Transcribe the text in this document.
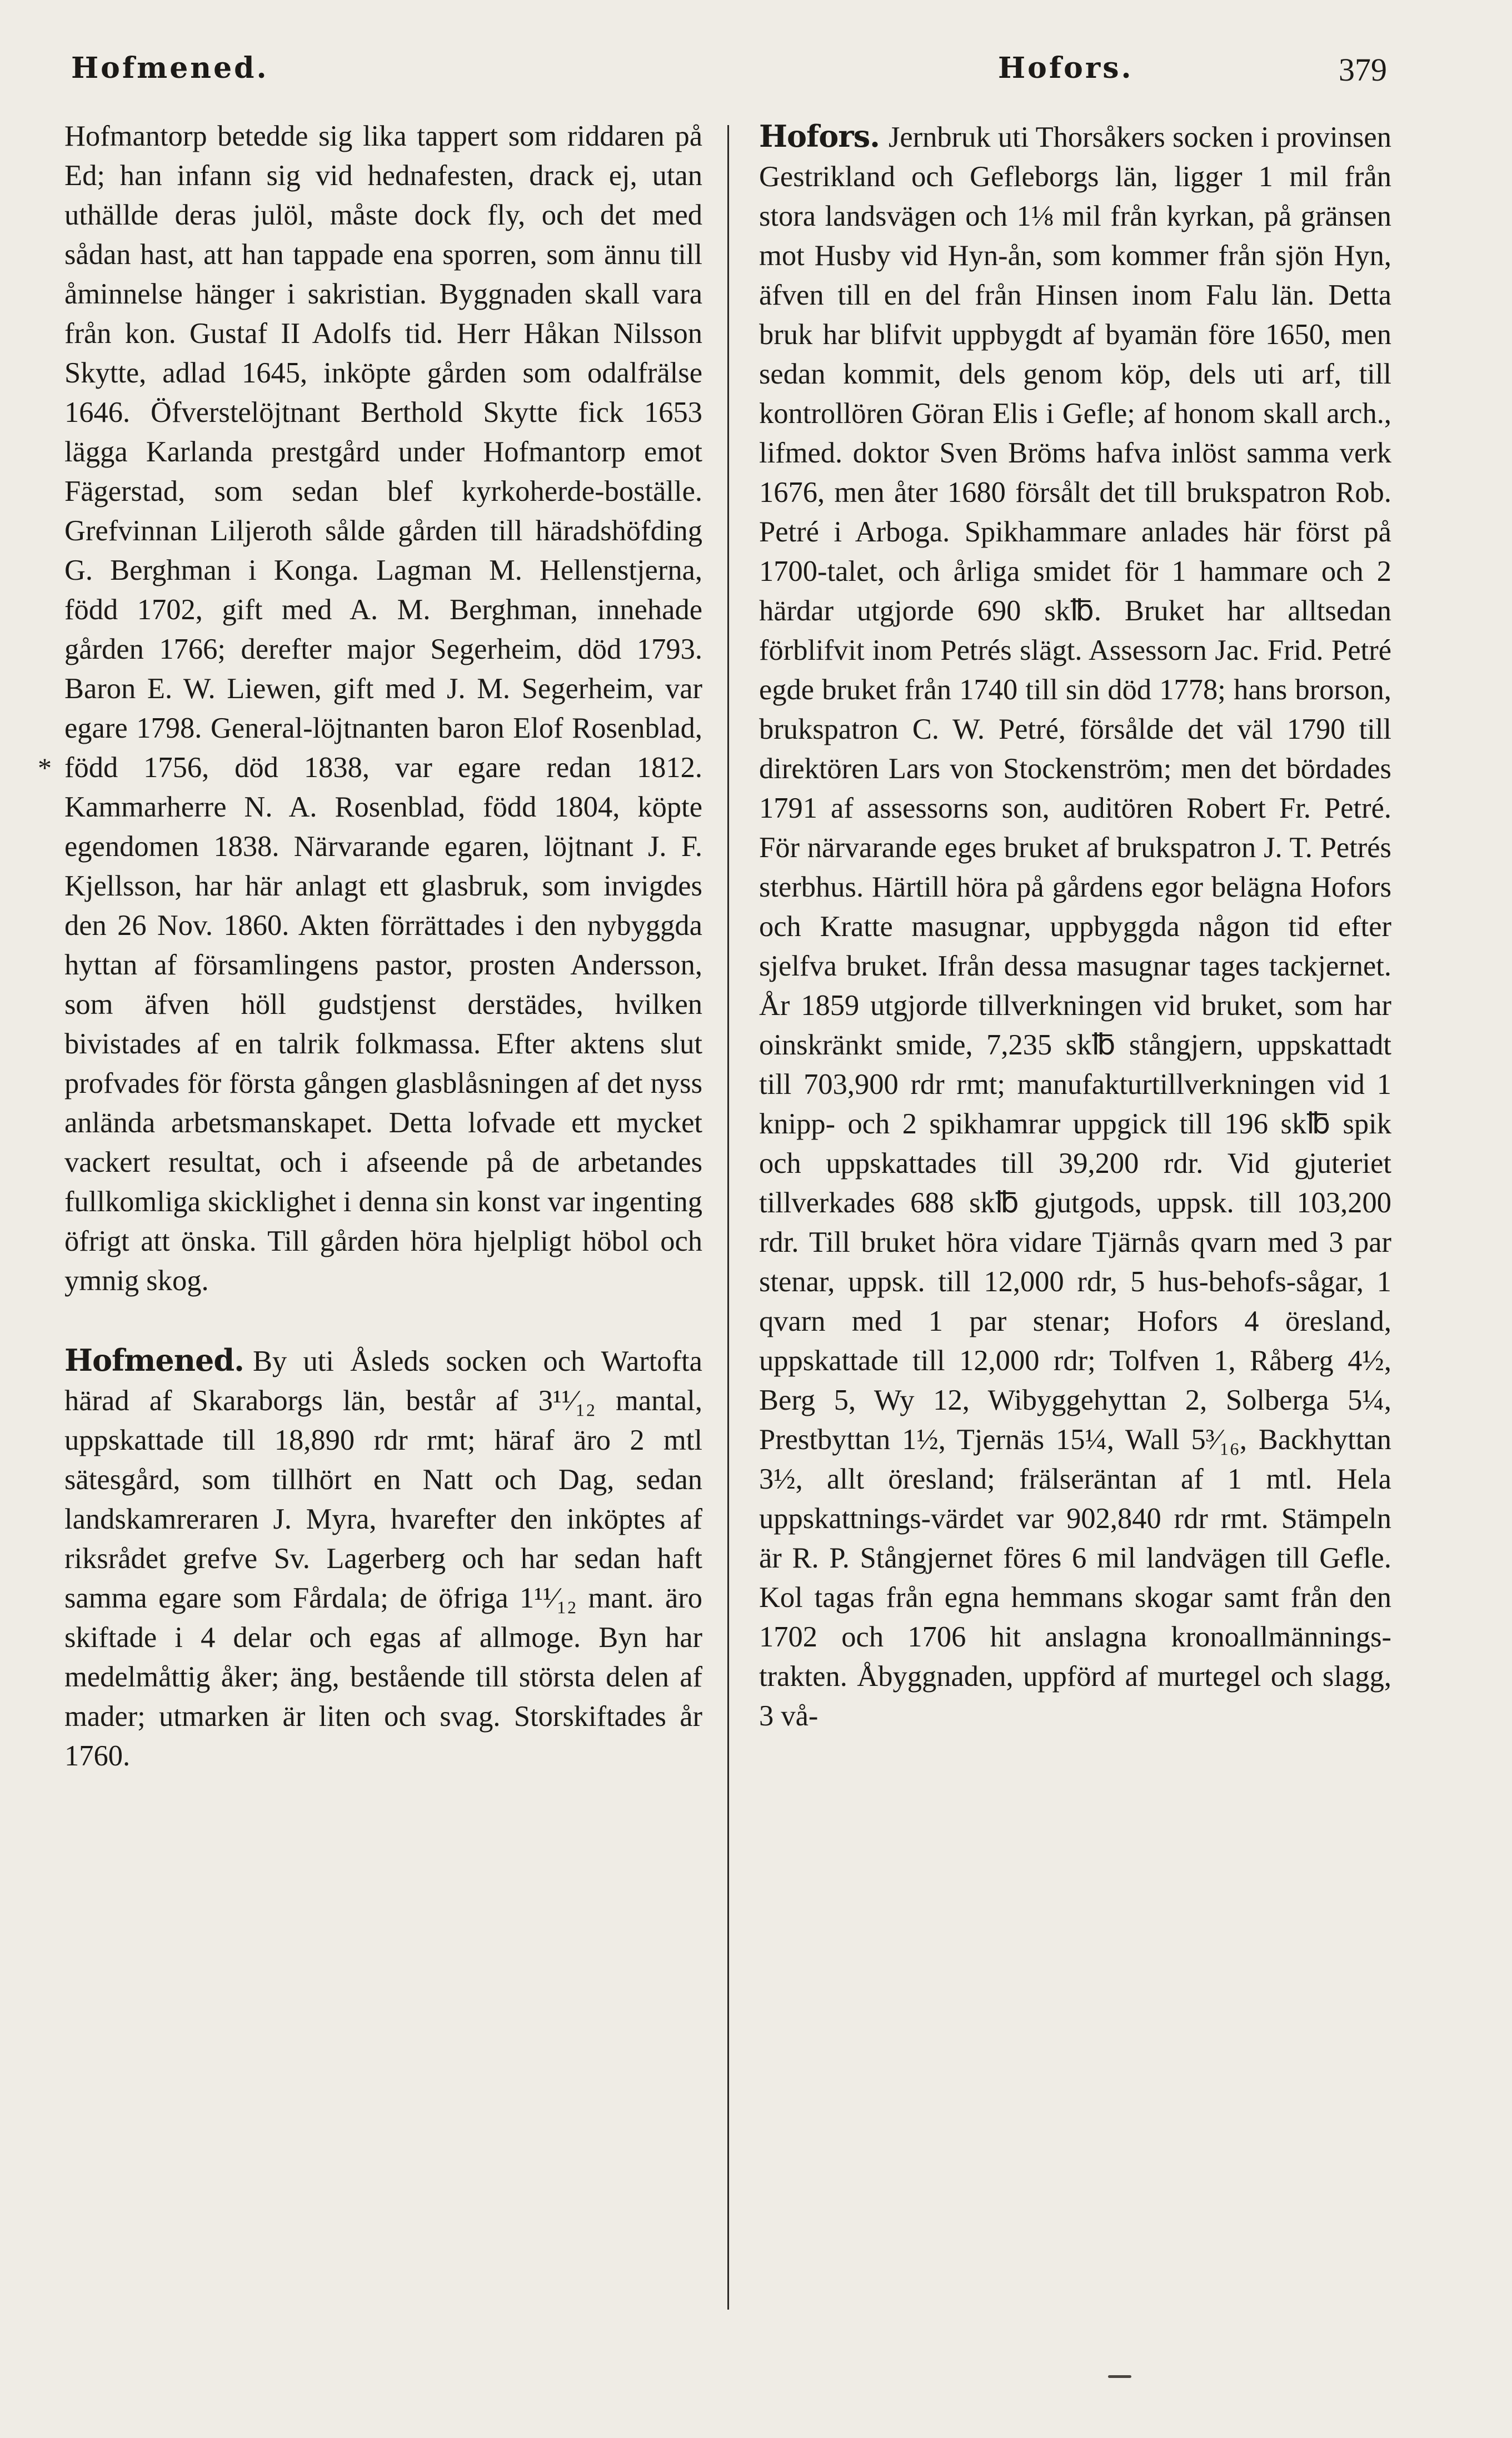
Hofmened.	Hofors.	379
*

Hofmantorp betedde sig lika tappert som riddaren på Ed; han infann sig vid hednafesten, drack ej, utan uthällde deras julöl, måste dock fly, och det med sådan hast, att han tappade ena sporren, som ännu till åminnelse hänger i sakristian. Byggnaden skall vara från kon. Gustaf II Adolfs tid. Herr Håkan Nilsson Skytte, adlad 1645, inköpte gården som odalfrälse 1646. Öfverstelöjtnant Berthold Skytte fick 1653 lägga Karlanda prestgård under Hofmantorp emot Fägerstad, som sedan blef kyrkoherde-boställe. Grefvinnan Liljeroth sålde gården till häradshöfding G. Berghman i Konga. Lagman M. Hellenstjerna, född 1702, gift med A. M. Berghman, innehade gården 1766; derefter major Segerheim, död 1793. Baron E. W. Liewen, gift med J. M. Segerheim, var egare 1798. General-löjtnanten baron Elof Rosenblad, född 1756, död 1838, var egare redan 1812. Kammarherre N. A. Rosenblad, född 1804, köpte egendomen 1838. Närvarande egaren, löjtnant J. F. Kjellsson, har här anlagt ett glasbruk, som invigdes den 26 Nov. 1860. Akten förrättades i den nybyggda hyttan af församlingens pastor, prosten Andersson, som äfven höll gudstjenst derstädes, hvilken bivistades af en talrik folkmassa. Efter aktens slut profvades för första gången glasblåsningen af det nyss anlända arbetsmanskapet. Detta lofvade ett mycket vackert resultat, och i afseende på de arbetandes fullkomliga skicklighet i denna sin konst var ingenting öfrigt att önska. Till gården höra hjelpligt höbol och ymnig skog.

Hofmened. By uti Åsleds socken och Wartofta härad af Skaraborgs län, består af 3¹¹⁄₁₂ mantal, uppskattade till 18,890 rdr rmt; häraf äro 2 mtl sätesgård, som tillhört en Natt och Dag, sedan landskamreraren J. Myra, hvarefter den inköptes af riksrådet grefve Sv. Lagerberg och har sedan haft samma egare som Fårdala; de öfriga 1¹¹⁄₁₂ mant. äro skiftade i 4 delar och egas af allmoge. Byn har medelmåttig åker; äng, bestående till största delen af mader; utmarken är liten och svag. Storskiftades år 1760.

Hofors. Jernbruk uti Thorsåkers socken i provinsen Gestrikland och Gefleborgs län, ligger 1 mil från stora landsvägen och 1⅛ mil från kyrkan, på gränsen mot Husby vid Hyn-ån, som kommer från sjön Hyn, äfven till en del från Hinsen inom Falu län. Detta bruk har blifvit uppbygdt af byamän före 1650, men sedan kommit, dels genom köp, dels uti arf, till kontrollören Göran Elis i Gefle; af honom skall arch., lifmed. doktor Sven Bröms hafva inlöst samma verk 1676, men åter 1680 försålt det till brukspatron Rob. Petré i Arboga. Spikhammare anlades här först på 1700-talet, och årliga smidet för 1 hammare och 2 härdar utgjorde 690 sk℔. Bruket har alltsedan förblifvit inom Petrés slägt. Assessorn Jac. Frid. Petré egde bruket från 1740 till sin död 1778; hans brorson, brukspatron C. W. Petré, försålde det väl 1790 till direktören Lars von Stockenström; men det bördades 1791 af assessorns son, auditören Robert Fr. Petré. För närvarande eges bruket af brukspatron J. T. Petrés sterbhus. Härtill höra på gårdens egor belägna Hofors och Kratte masugnar, uppbyggda någon tid efter sjelfva bruket. Ifrån dessa masugnar tages tackjernet. År 1859 utgjorde tillverkningen vid bruket, som har oinskränkt smide, 7,235 sk℔ stångjern, uppskattadt till 703,900 rdr rmt; manufakturtillverkningen vid 1 knipp- och 2 spikhamrar uppgick till 196 sk℔ spik och uppskattades till 39,200 rdr. Vid gjuteriet tillverkades 688 sk℔ gjutgods, uppsk. till 103,200 rdr. Till bruket höra vidare Tjärnås qvarn med 3 par stenar, uppsk. till 12,000 rdr, 5 hus-behofs-sågar, 1 qvarn med 1 par stenar; Hofors 4 öresland, uppskattade till 12,000 rdr; Tolfven 1, Råberg 4½, Berg 5, Wy 12, Wibyggehyttan 2, Solberga 5¼, Prestbyttan 1½, Tjernäs 15¼, Wall 5³⁄₁₆, Backhyttan 3½, allt öresland; frälseräntan af 1 mtl. Hela uppskattnings-värdet var 902,840 rdr rmt. Stämpeln är R. P. Stångjernet föres 6 mil landvägen till Gefle. Kol tagas från egna hemmans skogar samt från den 1702 och 1706 hit anslagna kronoallmännings-trakten. Åbyggnaden, uppförd af murtegel och slagg, 3 vå-
